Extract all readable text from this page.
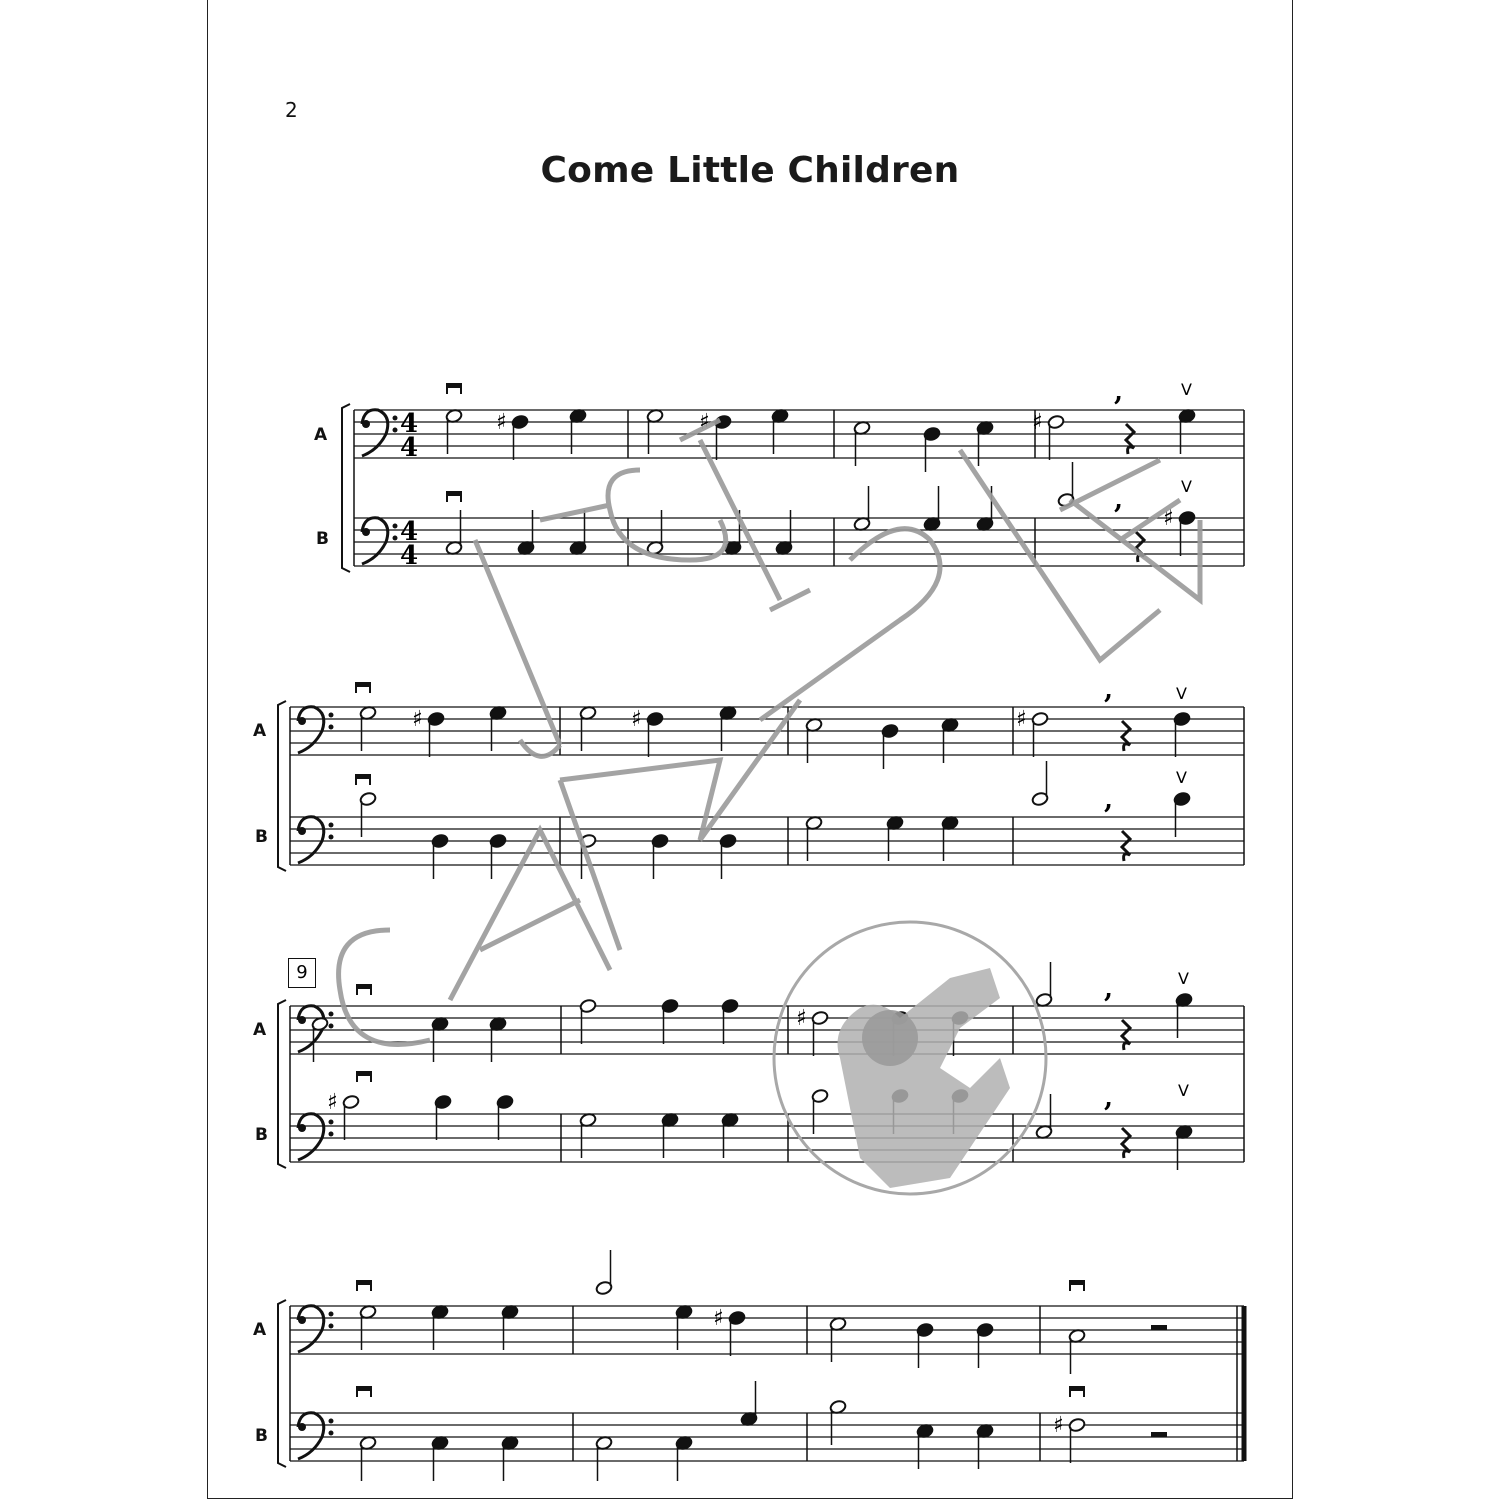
2
Come Little Children
9
A
B
A
B
A
B
A
B
4
4
4
4
♯	♯	♯
,	V
♯
,	V
♯	♯	♯
,	V
,
V
♯
,	V
♯	,	V
♯
♯
